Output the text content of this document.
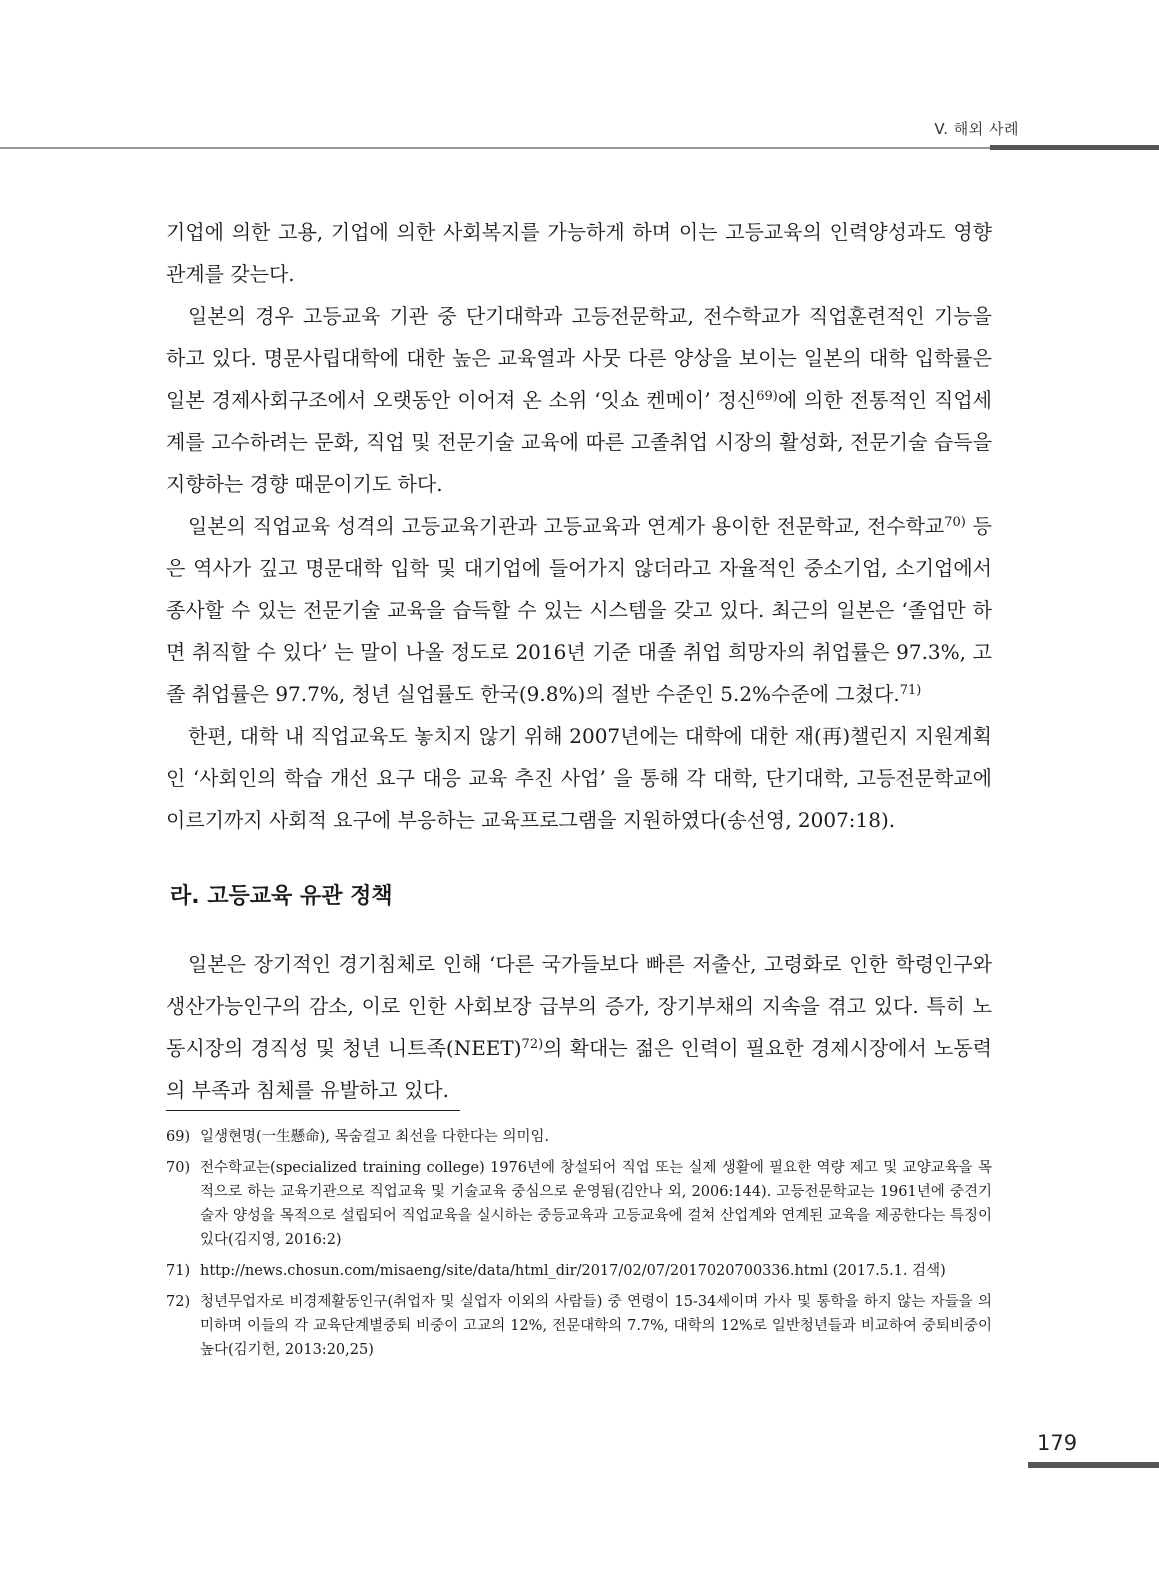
V. 해외 사례

기업에 의한 고용, 기업에 의한 사회복지를 가능하게 하며 이는 고등교육의 인력양성과도 영향관계를 갖는다.

일본의 경우 고등교육 기관 중 단기대학과 고등전문학교, 전수학교가 직업훈련적인 기능을 하고 있다. 명문사립대학에 대한 높은 교육열과 사뭇 다른 양상을 보이는 일본의 대학 입학률은 일본 경제사회구조에서 오랫동안 이어져 온 소위 ‘잇쇼 켄메이’ 정신$^{69)}$에 의한 전통적인 직업세계를 고수하려는 문화, 직업 및 전문기술 교육에 따른 고졸취업 시장의 활성화, 전문기술 습득을 지향하는 경향 때문이기도 하다.

일본의 직업교육 성격의 고등교육기관과 고등교육과 연계가 용이한 전문학교, 전수학교$^{70)}$ 등은 역사가 깊고 명문대학 입학 및 대기업에 들어가지 않더라고 자율적인 중소기업, 소기업에서 종사할 수 있는 전문기술 교육을 습득할 수 있는 시스템을 갖고 있다. 최근의 일본은 ‘졸업만 하면 취직할 수 있다’ 는 말이 나올 정도로 2016년 기준 대졸 취업 희망자의 취업률은 97.3%, 고졸 취업률은 97.7%, 청년 실업률도 한국(9.8%)의 절반 수준인 5.2%수준에 그쳤다.$^{71)}$

한편, 대학 내 직업교육도 놓치지 않기 위해 2007년에는 대학에 대한 재(再)챌린지 지원계획인 ‘사회인의 학습 개선 요구 대응 교육 추진 사업’ 을 통해 각 대학, 단기대학, 고등전문학교에 이르기까지 사회적 요구에 부응하는 교육프로그램을 지원하였다(송선영, 2007:18).

라. 고등교육 유관 정책

일본은 장기적인 경기침체로 인해 ‘다른 국가들보다 빠른 저출산, 고령화로 인한 학령인구와 생산가능인구의 감소, 이로 인한 사회보장 급부의 증가, 장기부채의 지속을 겪고 있다. 특히 노동시장의 경직성 및 청년 니트족(NEET)$^{72)}$의 확대는 젊은 인력이 필요한 경제시장에서 노동력의 부족과 침체를 유발하고 있다.

69) 일생현명(一生懸命), 목숨걸고 최선을 다한다는 의미임.
70) 전수학교는(specialized training college) 1976년에 창설되어 직업 또는 실제 생활에 필요한 역량 제고 및 교양교육을 목적으로 하는 교육기관으로 직업교육 및 기술교육 중심으로 운영됨(김안나 외, 2006:144). 고등전문학교는 1961년에 중견기술자 양성을 목적으로 설립되어 직업교육을 실시하는 중등교육과 고등교육에 걸쳐 산업계와 연계된 교육을 제공한다는 특징이 있다(김지영, 2016:2)
71) http://news.chosun.com/misaeng/site/data/html_dir/2017/02/07/2017020700336.html (2017.5.1. 검색)
72) 청년무업자로 비경제활동인구(취업자 및 실업자 이외의 사람들) 중 연령이 15-34세이며 가사 및 통학을 하지 않는 자들을 의미하며 이들의 각 교육단계별중퇴 비중이 고교의 12%, 전문대학의 7.7%, 대학의 12%로 일반청년들과 비교하여 중퇴비중이 높다(김기헌, 2013:20,25)
179
